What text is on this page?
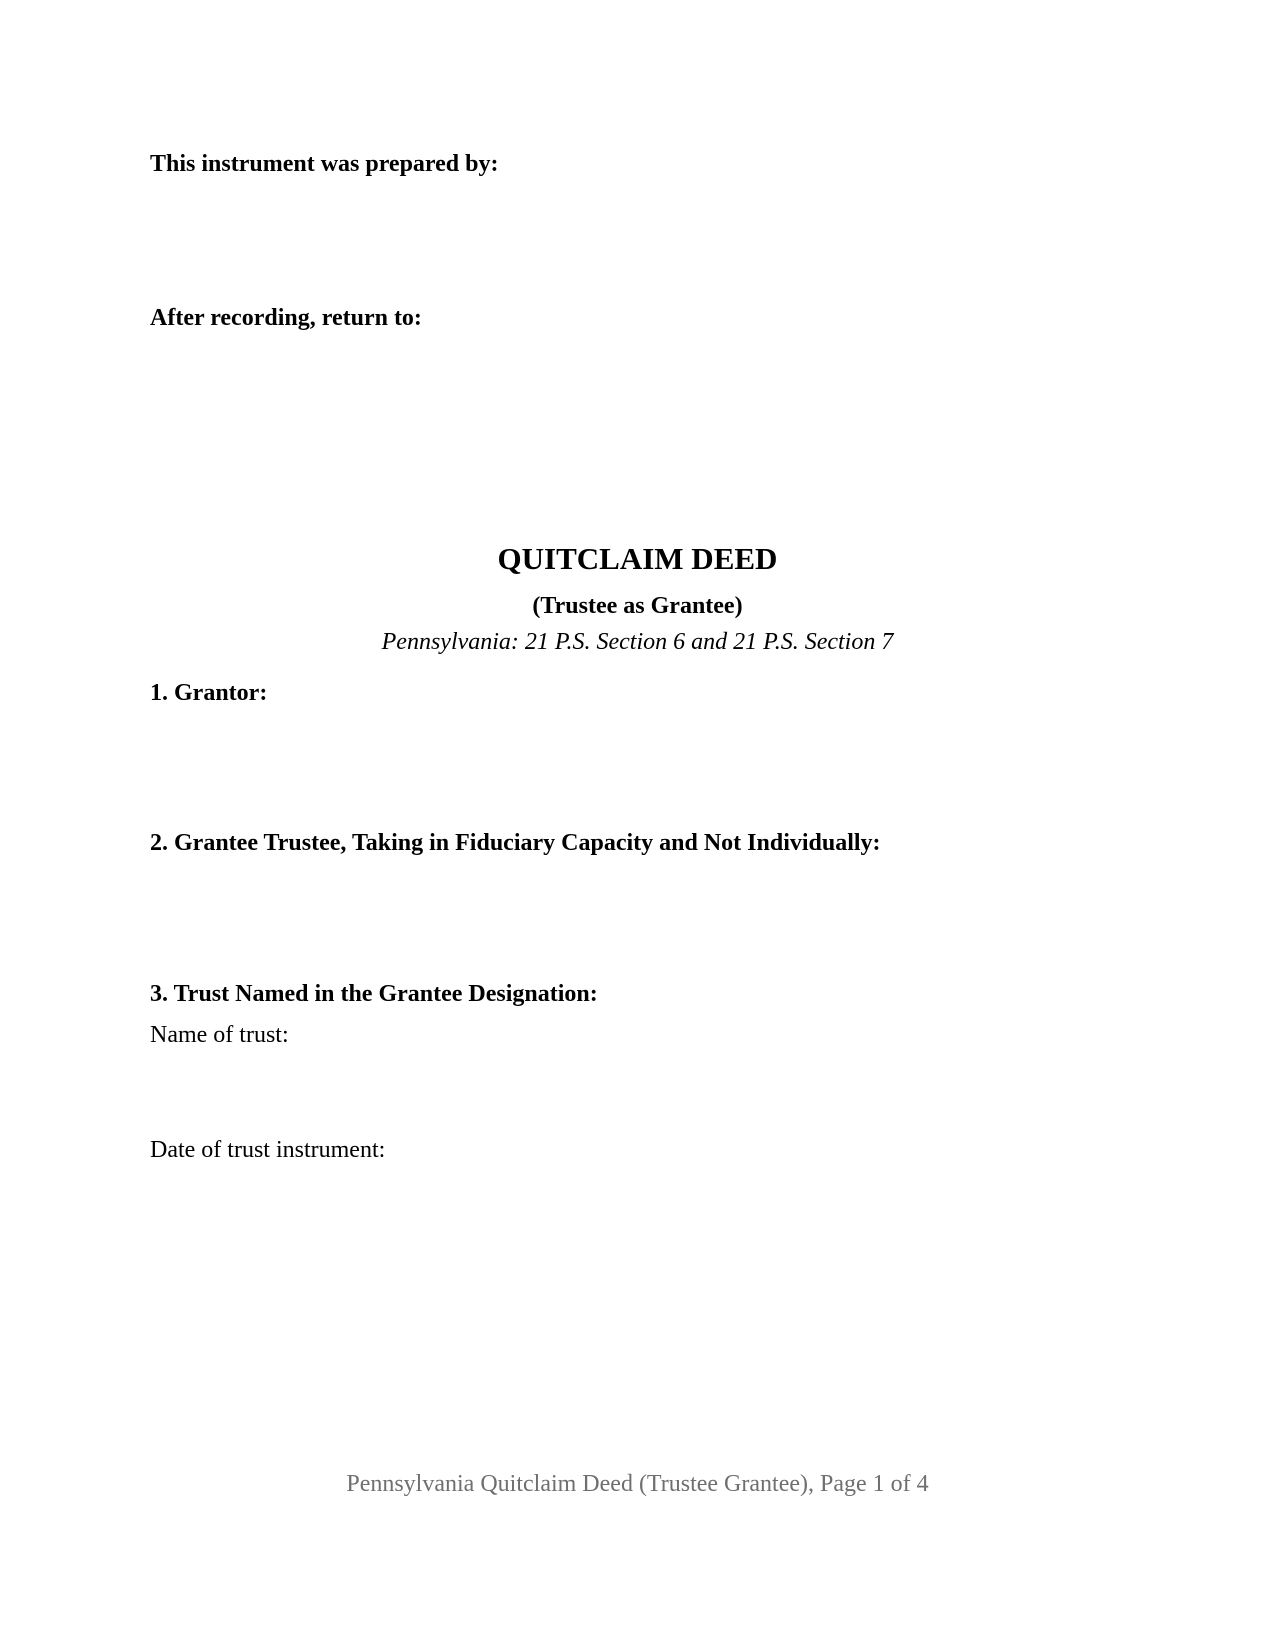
This instrument was prepared by:
After recording, return to:
QUITCLAIM DEED
(Trustee as Grantee)
Pennsylvania: 21 P.S. Section 6 and 21 P.S. Section 7
1. Grantor:
2. Grantee Trustee, Taking in Fiduciary Capacity and Not Individually:
3. Trust Named in the Grantee Designation:
Name of trust:
Date of trust instrument:
Pennsylvania Quitclaim Deed (Trustee Grantee), Page 1 of 4
